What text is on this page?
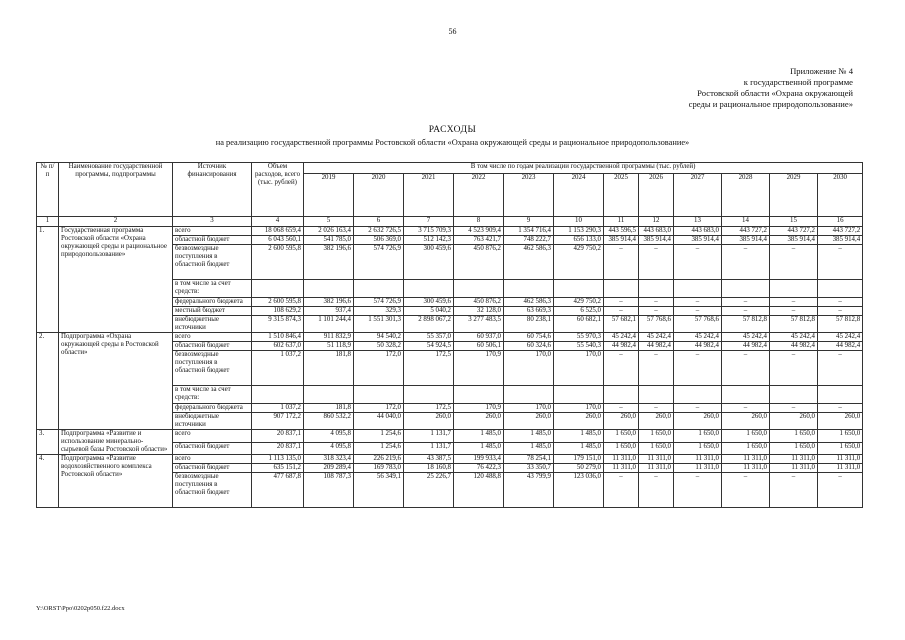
56
Приложение № 4
к государственной программе
Ростовской области «Охрана окружающей
среды и рациональное природопользование»
РАСХОДЫ
на реализацию государственной программы Ростовской области «Охрана окружающей среды и рациональное природопользование»
№ п/п	Наименование государственной программы, подпрограммы	Источник финансирования	Объем расходов, всего (тыс. рублей)	В том числе по годам реализации государственной программы (тыс. рублей)											
				2019	2020	2021	2022	2023	2024	2025	2026	2027	2028	2029	2030
1	2	3	4	5	6	7	8	9	10	11	12	13	14	15	16
1.	Государственная программа Ростовской области «Охрана окружающей среды и рациональное природопользование»	всего	18 068 659,4	2 026 163,4	2 632 726,5	3 715 709,3	4 523 909,4	1 354 716,4	1 153 290,3	443 596,5	443 683,0	443 683,0	443 727,2	443 727,2	443 727,2
		областной бюджет	6 043 560,1	541 785,0	506 369,0	512 142,3	763 421,7	748 222,7	656 133,0	385 914,4	385 914,4	385 914,4	385 914,4	385 914,4	385 914,4
		безвозмездные поступления в областной бюджет	2 600 595,8	382 196,6	574 726,9	300 459,6	450 876,2	462 586,3	429 750,2	–	–	–	–	–	–
		в том числе за счет средств:													
		федерального бюджета	2 600 595,8	382 196,6	574 726,9	300 459,6	450 876,2	462 586,3	429 750,2	–	–	–	–	–	–
		местный бюджет	108 629,2	937,4	329,3	5 040,2	32 128,0	63 669,3	6 525,0	–	–	–	–	–	–
		внебюджетные источники	9 315 874,3	1 101 244,4	1 551 301,3	2 898 067,2	3 277 483,5	80 238,1	60 682,1	57 682,1	57 768,6	57 768,6	57 812,8	57 812,8	57 812,8
2.	Подпрограмма «Охрана окружающей среды в Ростовской области»	всего	1 510 846,4	911 832,9	94 540,2	55 357,0	60 937,0	60 754,6	55 970,3	45 242,4	45 242,4	45 242,4	45 242,4	45 242,4	45 242,4
		областной бюджет	602 637,0	51 118,9	50 328,2	54 924,5	60 506,1	60 324,6	55 540,3	44 982,4	44 982,4	44 982,4	44 982,4	44 982,4	44 982,4
		безвозмездные поступления в областной бюджет	1 037,2	181,8	172,0	172,5	170,9	170,0	170,0	–	–	–	–	–	–
		в том числе за счет средств:													
		федерального бюджета	1 037,2	181,8	172,0	172,5	170,9	170,0	170,0	–	–	–	–	–	–
		внебюджетные источники	907 172,2	860 532,2	44 040,0	260,0	260,0	260,0	260,0	260,0	260,0	260,0	260,0	260,0	260,0
3.	Подпрограмма «Развитие и использование минерально-сырьевой базы Ростовской области»	всего	20 837,1	4 095,8	1 254,6	1 131,7	1 485,0	1 485,0	1 485,0	1 650,0	1 650,0	1 650,0	1 650,0	1 650,0	1 650,0
		областной бюджет	20 837,1	4 095,8	1 254,6	1 131,7	1 485,0	1 485,0	1 485,0	1 650,0	1 650,0	1 650,0	1 650,0	1 650,0	1 650,0
4.	Подпрограмма «Развитие водохозяйственного комплекса Ростовской области»	всего	1 113 135,0	318 323,4	226 219,6	43 387,5	199 933,4	78 254,1	179 151,0	11 311,0	11 311,0	11 311,0	11 311,0	11 311,0	11 311,0
		областной бюджет	635 151,2	209 289,4	169 783,0	18 160,8	76 422,3	33 350,7	50 279,0	11 311,0	11 311,0	11 311,0	11 311,0	11 311,0	11 311,0
		безвозмездные поступления в областной бюджет	477 687,8	108 787,3	56 349,1	25 226,7	120 488,8	43 799,9	123 036,0	–	–	–	–	–	–
Y:\ORST\Ppo\0202p050.f22.docx
